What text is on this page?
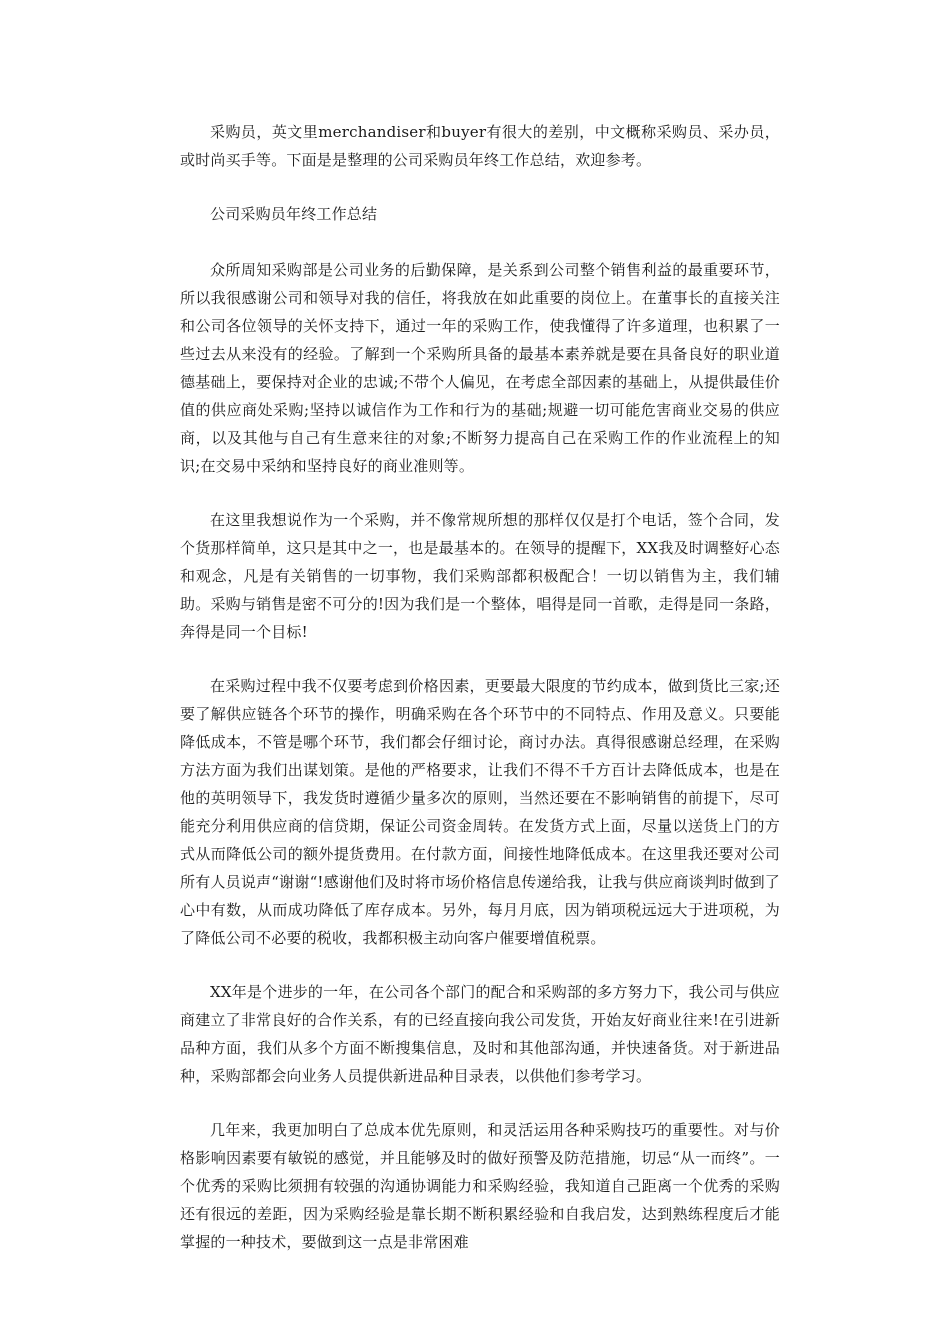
采购员，英文里merchandiser和buyer有很大的差别，中文概称采购员、采办员，或时尚买手等。下面是是整理的公司采购员年终工作总结，欢迎参考。

公司采购员年终工作总结

众所周知采购部是公司业务的后勤保障，是关系到公司整个销售利益的最重要环节，所以我很感谢公司和领导对我的信任，将我放在如此重要的岗位上。在董事长的直接关注和公司各位领导的关怀支持下，通过一年的采购工作，使我懂得了许多道理，也积累了一些过去从来没有的经验。了解到一个采购所具备的最基本素养就是要在具备良好的职业道德基础上，要保持对企业的忠诚;不带个人偏见，在考虑全部因素的基础上，从提供最佳价值的供应商处采购;坚持以诚信作为工作和行为的基础;规避一切可能危害商业交易的供应商，以及其他与自己有生意来往的对象;不断努力提高自己在采购工作的作业流程上的知识;在交易中采纳和坚持良好的商业准则等。

在这里我想说作为一个采购，并不像常规所想的那样仅仅是打个电话，签个合同，发个货那样简单，这只是其中之一，也是最基本的。在领导的提醒下，XX我及时调整好心态和观念，凡是有关销售的一切事物，我们采购部都积极配合！一切以销售为主，我们辅助。采购与销售是密不可分的!因为我们是一个整体，唱得是同一首歌，走得是同一条路，奔得是同一个目标!

在采购过程中我不仅要考虑到价格因素，更要最大限度的节约成本，做到货比三家;还要了解供应链各个环节的操作，明确采购在各个环节中的不同特点、作用及意义。只要能降低成本，不管是哪个环节，我们都会仔细讨论，商讨办法。真得很感谢总经理，在采购方法方面为我们出谋划策。是他的严格要求，让我们不得不千方百计去降低成本，也是在他的英明领导下，我发货时遵循少量多次的原则，当然还要在不影响销售的前提下，尽可能充分利用供应商的信贷期，保证公司资金周转。在发货方式上面，尽量以送货上门的方式从而降低公司的额外提货费用。在付款方面，间接性地降低成本。在这里我还要对公司所有人员说声“谢谢“!感谢他们及时将市场价格信息传递给我，让我与供应商谈判时做到了心中有数，从而成功降低了库存成本。另外，每月月底，因为销项税远远大于进项税，为了降低公司不必要的税收，我都积极主动向客户催要增值税票。

XX年是个进步的一年，在公司各个部门的配合和采购部的多方努力下，我公司与供应商建立了非常良好的合作关系，有的已经直接向我公司发货，开始友好商业往来!在引进新品种方面，我们从多个方面不断搜集信息，及时和其他部沟通，并快速备货。对于新进品种，采购部都会向业务人员提供新进品种目录表，以供他们参考学习。

几年来，我更加明白了总成本优先原则，和灵活运用各种采购技巧的重要性。对与价格影响因素要有敏锐的感觉，并且能够及时的做好预警及防范措施，切忌“从一而终”。一个优秀的采购比须拥有较强的沟通协调能力和采购经验，我知道自己距离一个优秀的采购还有很远的差距，因为采购经验是靠长期不断积累经验和自我启发，达到熟练程度后才能掌握的一种技术，要做到这一点是非常困难
